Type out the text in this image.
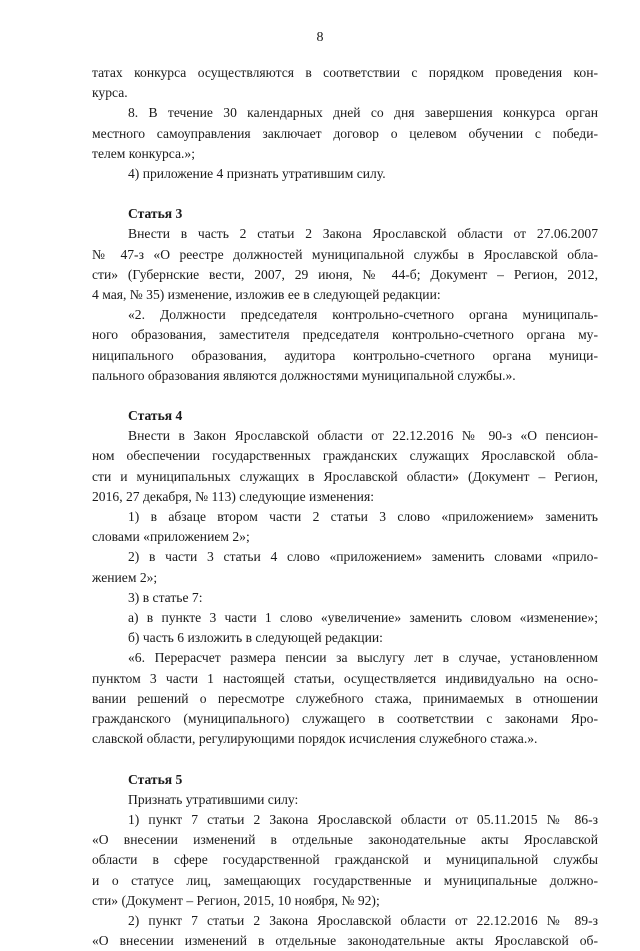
8

татах конкурса осуществляются в соответствии с порядком проведения кон-

курса.

8. В течение 30 календарных дней со дня завершения конкурса орган

местного самоуправления заключает договор о целевом обучении с победи-

телем конкурса.»;

4) приложение 4 признать утратившим силу.

Статья 3

Внести в часть 2 статьи 2 Закона Ярославской области от 27.06.2007

№ 47-з «О реестре должностей муниципальной службы в Ярославской обла-

сти» (Губернские вести, 2007, 29 июня, № 44-б; Документ – Регион, 2012,

4 мая, № 35) изменение, изложив ее в следующей редакции:

«2. Должности председателя контрольно-счетного органа муниципаль-

ного образования, заместителя председателя контрольно-счетного органа му-

ниципального образования, аудитора контрольно-счетного органа муници-

пального образования являются должностями муниципальной службы.».

Статья 4

Внести в Закон Ярославской области от 22.12.2016 № 90-з «О пенсион-

ном обеспечении государственных гражданских служащих Ярославской обла-

сти и муниципальных служащих в Ярославской области» (Документ – Регион,

2016, 27 декабря, № 113) следующие изменения:

1) в абзаце втором части 2 статьи 3 слово «приложением» заменить

словами «приложением 2»;

2) в части 3 статьи 4 слово «приложением» заменить словами «прило-

жением 2»;

3) в статье 7:

а) в пункте 3 части 1 слово «увеличение» заменить словом «изменение»;

б) часть 6 изложить в следующей редакции:

«6. Перерасчет размера пенсии за выслугу лет в случае, установленном

пунктом 3 части 1 настоящей статьи, осуществляется индивидуально на осно-

вании решений о пересмотре служебного стажа, принимаемых в отношении

гражданского (муниципального) служащего в соответствии с законами Яро-

славской области, регулирующими порядок исчисления служебного стажа.».

Статья 5

Признать утратившими силу:

1) пункт 7 статьи 2 Закона Ярославской области от 05.11.2015 № 86-з

«О внесении изменений в отдельные законодательные акты Ярославской

области в сфере государственной гражданской и муниципальной службы

и о статусе лиц, замещающих государственные и муниципальные должно-

сти» (Документ – Регион, 2015, 10 ноября, № 92);

2) пункт 7 статьи 2 Закона Ярославской области от 22.12.2016 № 89-з

«О внесении изменений в отдельные законодательные акты Ярославской об-
